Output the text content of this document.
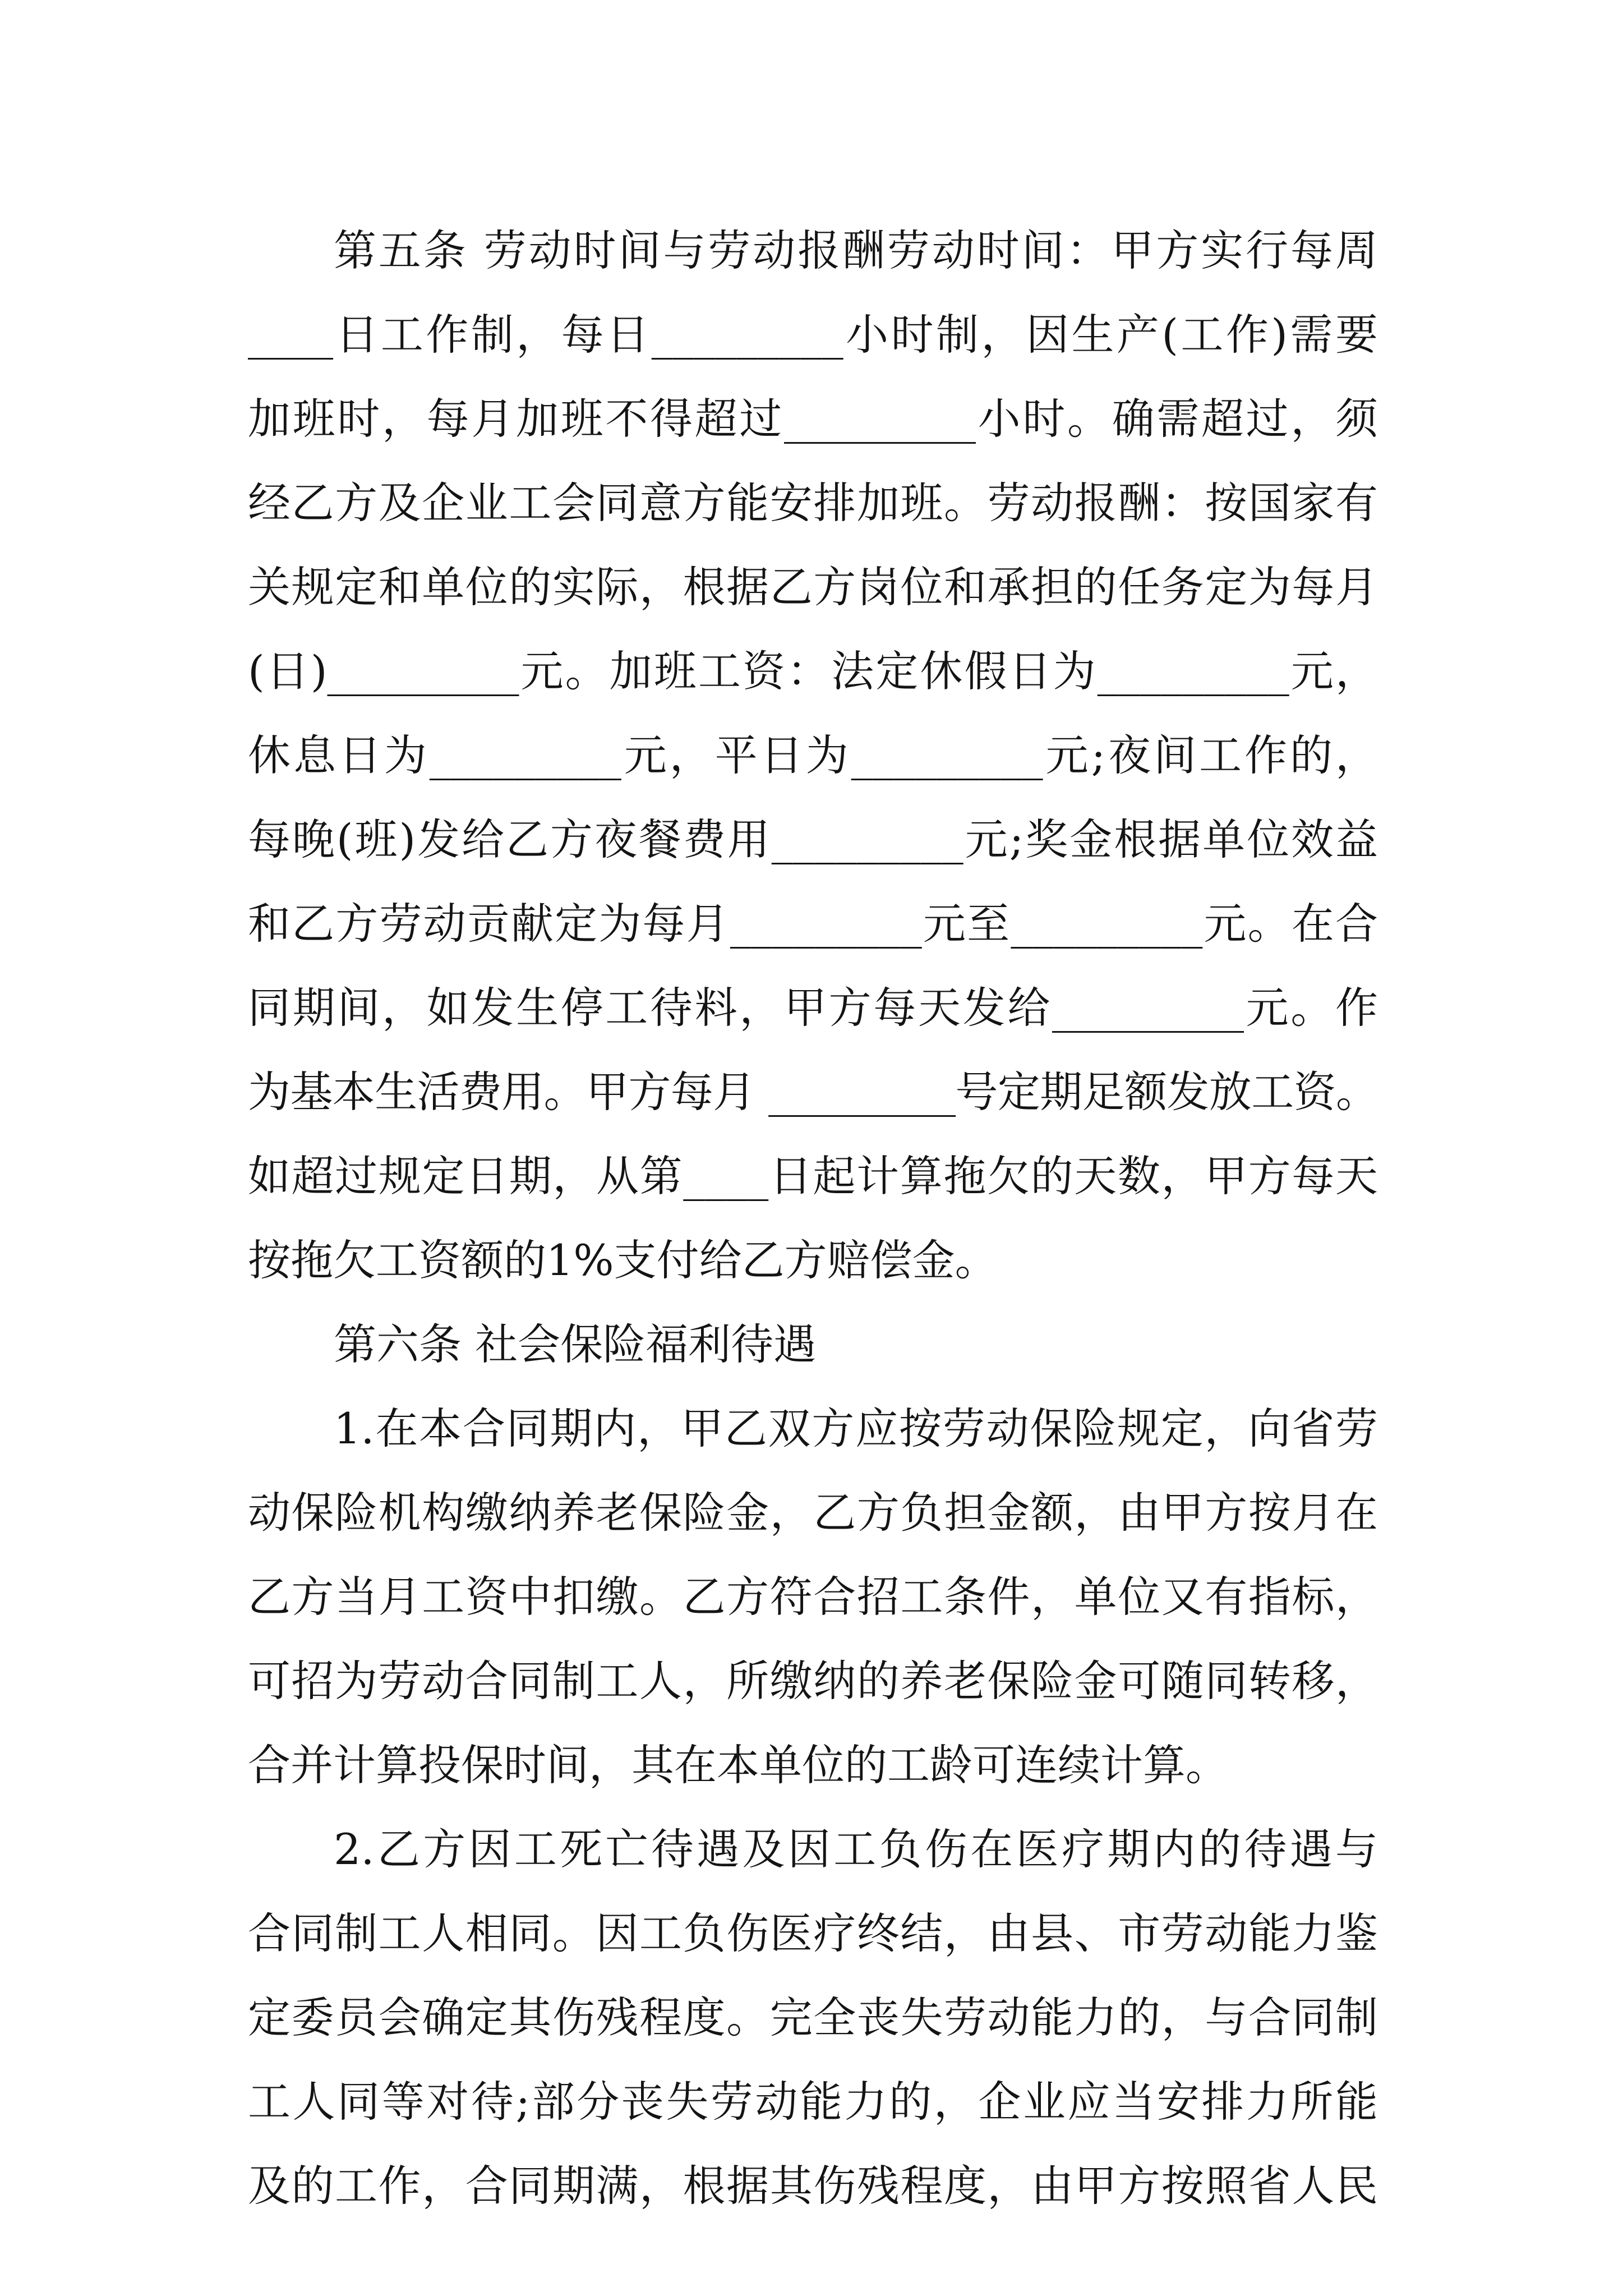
第五条 劳动时间与劳动报酬劳动时间：甲方实行每周
____日工作制，每日_________小时制，因生产(工作)需要
加班时，每月加班不得超过_________小时。确需超过，须
经乙方及企业工会同意方能安排加班。劳动报酬：按国家有
关规定和单位的实际，根据乙方岗位和承担的任务定为每月
(日)_________元。加班工资：法定休假日为_________元，
休息日为_________元，平日为_________元;夜间工作的，
每晚(班)发给乙方夜餐费用_________元;奖金根据单位效益
和乙方劳动贡献定为每月_________元至_________元。在合
同期间，如发生停工待料，甲方每天发给_________元。作
为基本生活费用。甲方每月 _________号定期足额发放工资。
如超过规定日期，从第____日起计算拖欠的天数，甲方每天
按拖欠工资额的1%支付给乙方赔偿金。
第六条 社会保险福利待遇
1.在本合同期内，甲乙双方应按劳动保险规定，向省劳
动保险机构缴纳养老保险金，乙方负担金额，由甲方按月在
乙方当月工资中扣缴。乙方符合招工条件，单位又有指标，
可招为劳动合同制工人，所缴纳的养老保险金可随同转移，
合并计算投保时间，其在本单位的工龄可连续计算。
2.乙方因工死亡待遇及因工负伤在医疗期内的待遇与
合同制工人相同。因工负伤医疗终结，由县、市劳动能力鉴
定委员会确定其伤残程度。完全丧失劳动能力的，与合同制
工人同等对待;部分丧失劳动能力的，企业应当安排力所能
及的工作，合同期满，根据其伤残程度，由甲方按照省人民
